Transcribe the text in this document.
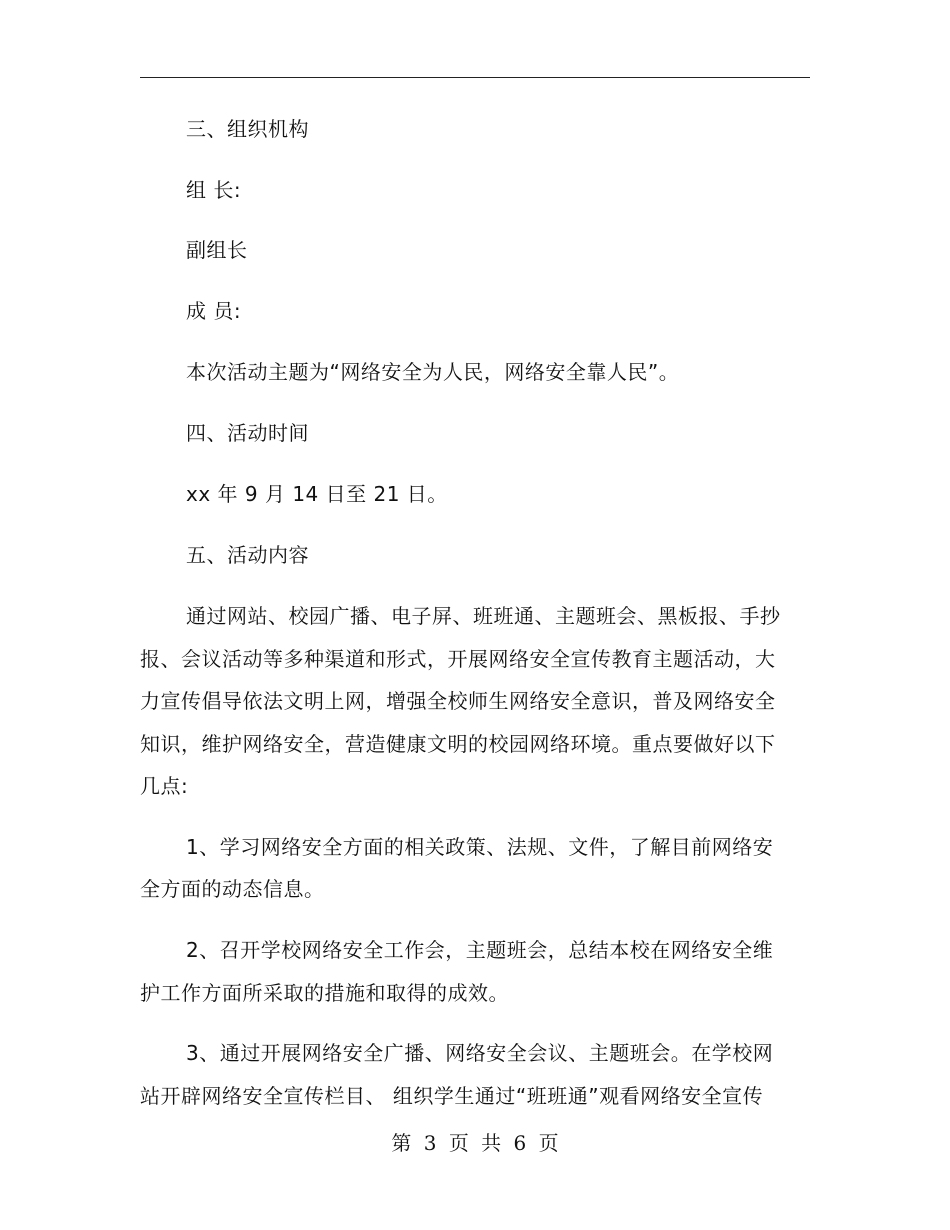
三、组织机构
组 长:
副组长
成 员:
本次活动主题为“网络安全为人民，网络安全靠人民”。
四、活动时间
xx 年 9 月 14 日至 21 日。
五、活动内容
通过网站、校园广播、电子屏、班班通、主题班会、黑板报、手抄
报、会议活动等多种渠道和形式，开展网络安全宣传教育主题活动，大
力宣传倡导依法文明上网，增强全校师生网络安全意识，普及网络安全
知识，维护网络安全，营造健康文明的校园网络环境。重点要做好以下
几点:
1、学习网络安全方面的相关政策、法规、文件，了解目前网络安
全方面的动态信息。
2、召开学校网络安全工作会，主题班会，总结本校在网络安全维
护工作方面所采取的措施和取得的成效。
3、通过开展网络安全广播、网络安全会议、主题班会。在学校网
站开辟网络安全宣传栏目、 组织学生通过“班班通”观看网络安全宣传
第 3 页 共 6 页
